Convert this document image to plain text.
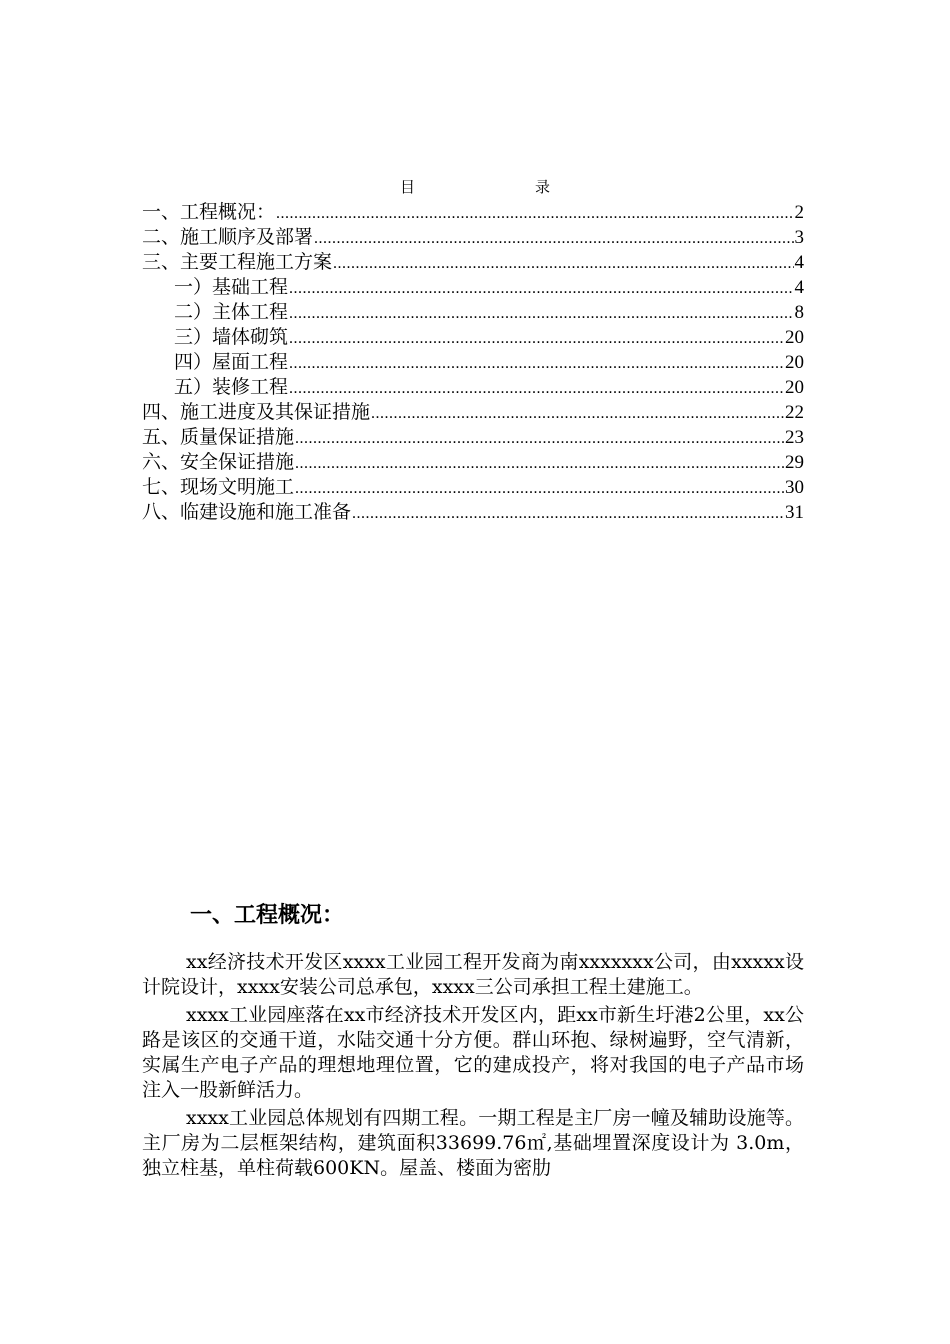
目	录
一、工程概况： .....	2
二、施工顺序及部署 .....	3
三、主要工程施工方案 .....	4
一）基础工程 .....	4
二）主体工程 .....	8
三）墙体砌筑 .....	20
四）屋面工程 .....	20
五）装修工程 .....	20
四、施工进度及其保证措施 .....	22
五、质量保证措施 .....	23
六、安全保证措施 .....	29
七、现场文明施工 .....	30
八、临建设施和施工准备 .....	31
一、工程概况：

xx经济技术开发区xxxx工业园工程开发商为南xxxxxxx公司，由xxxxx设计院设计，xxxx安装公司总承包，xxxx三公司承担工程土建施工。

xxxx工业园座落在xx市经济技术开发区内，距xx市新生圩港2公里，xx公路是该区的交通干道，水陆交通十分方便。群山环抱、绿树遍野，空气清新，实属生产电子产品的理想地理位置，它的建成投产，将对我国的电子产品市场注入一股新鲜活力。

xxxx工业园总体规划有四期工程。一期工程是主厂房一幢及辅助设施等。主厂房为二层框架结构，建筑面积33699.76㎡,基础埋置深度设计为 3.0m，独立柱基，单柱荷载600KN。屋盖、楼面为密肋
